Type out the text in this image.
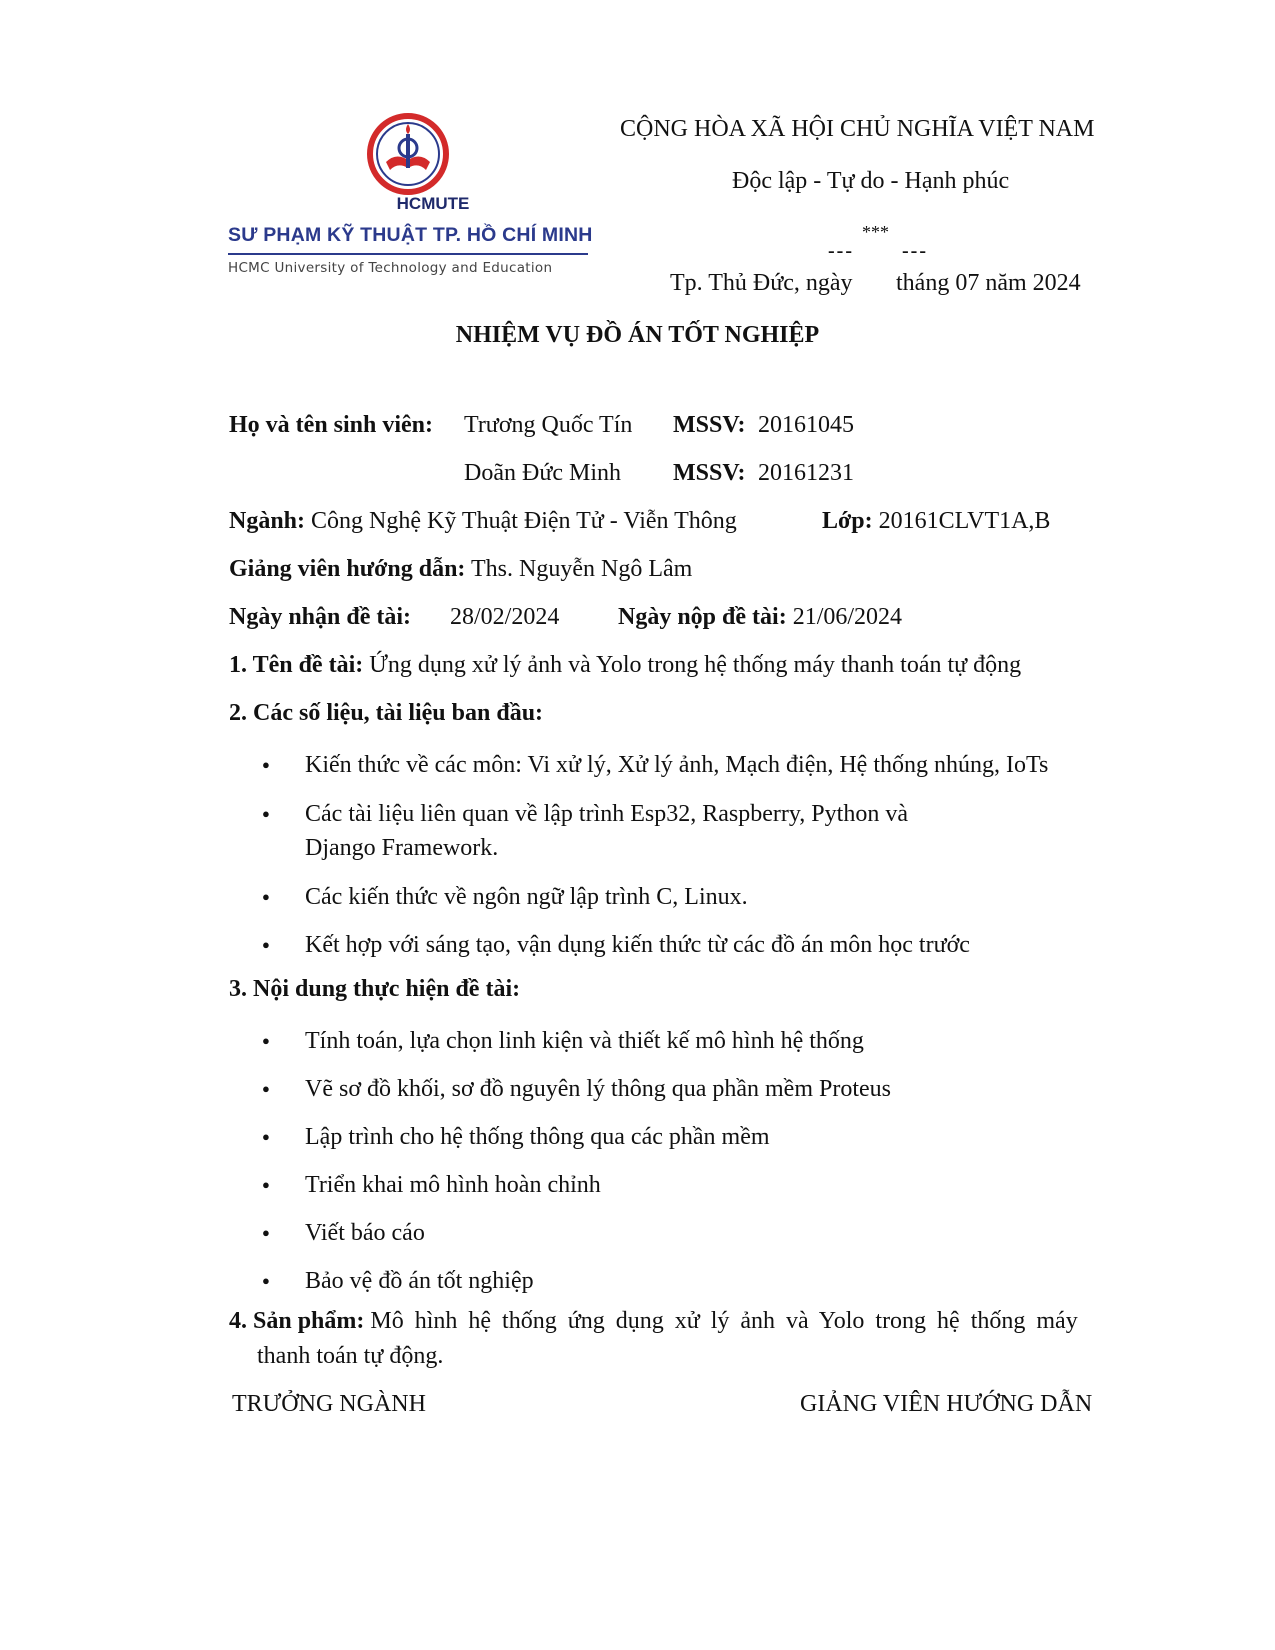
HCMUTE
SƯ PHẠM KỸ THUẬT TP. HỒ CHÍ MINH
HCMC University of Technology and Education
CỘNG HÒA XÃ HỘI CHỦ NGHĨA VIỆT NAM
Độc lập - Tự do - Hạnh phúc
***
--- ---
Tp. Thủ Đức, ngày tháng 07 năm 2024
NHIỆM VỤ ĐỒ ÁN TỐT NGHIỆP
Họ và tên sinh viên: Trương Quốc Tín MSSV: 20161045
Doãn Đức Minh MSSV: 20161231
Ngành: Công Nghệ Kỹ Thuật Điện Tử - Viễn Thông	Lớp: 20161CLVT1A,B
Giảng viên hướng dẫn: Ths. Nguyễn Ngô Lâm
Ngày nhận đề tài: 28/02/2024 Ngày nộp đề tài: 21/06/2024
1. Tên đề tài: Ứng dụng xử lý ảnh và Yolo trong hệ thống máy thanh toán tự động
2. Các số liệu, tài liệu ban đầu:
● Kiến thức về các môn: Vi xử lý, Xử lý ảnh, Mạch điện, Hệ thống nhúng, IoTs
● Các tài liệu liên quan về lập trình Esp32, Raspberry, Python và
Django Framework.
● Các kiến thức về ngôn ngữ lập trình C, Linux.
● Kết hợp với sáng tạo, vận dụng kiến thức từ các đồ án môn học trước
3. Nội dung thực hiện đề tài:
● Tính toán, lựa chọn linh kiện và thiết kế mô hình hệ thống
● Vẽ sơ đồ khối, sơ đồ nguyên lý thông qua phần mềm Proteus
● Lập trình cho hệ thống thông qua các phần mềm
● Triển khai mô hình hoàn chỉnh
● Viết báo cáo
● Bảo vệ đồ án tốt nghiệp
4. Sản phẩm: Mô hình hệ thống ứng dụng xử lý ảnh và Yolo trong hệ thống máy
thanh toán tự động.
TRƯỞNG NGÀNH	GIẢNG VIÊN HƯỚNG DẪN
